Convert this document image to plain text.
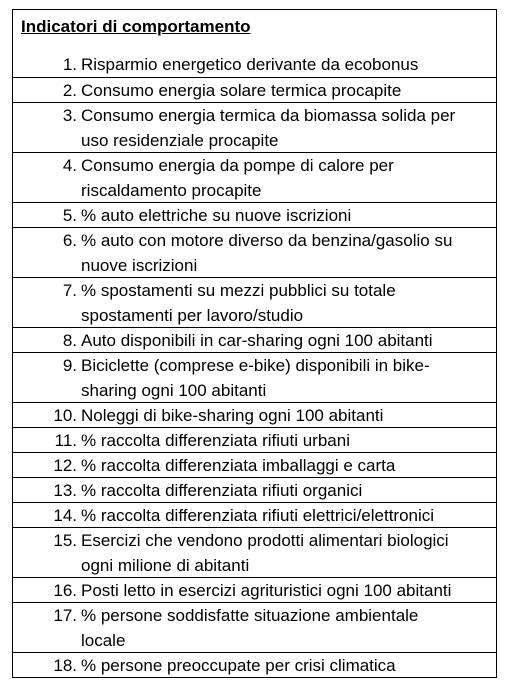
Indicatori di comportamento
1. Risparmio energetico derivante da ecobonus
2. Consumo energia solare termica procapite
3. Consumo energia termica da biomassa solida per
uso residenziale procapite
4. Consumo energia da pompe di calore per
riscaldamento procapite
5. % auto elettriche su nuove iscrizioni
6. % auto con motore diverso da benzina/gasolio su
nuove iscrizioni
7. % spostamenti su mezzi pubblici su totale
spostamenti per lavoro/studio
8. Auto disponibili in car-sharing ogni 100 abitanti
9. Biciclette (comprese e-bike) disponibili in bike-
sharing ogni 100 abitanti
10. Noleggi di bike-sharing ogni 100 abitanti
11. % raccolta differenziata rifiuti urbani
12. % raccolta differenziata imballaggi e carta
13. % raccolta differenziata rifiuti organici
14. % raccolta differenziata rifiuti elettrici/elettronici
15. Esercizi che vendono prodotti alimentari biologici
ogni milione di abitanti
16. Posti letto in esercizi agrituristici ogni 100 abitanti
17. % persone soddisfatte situazione ambientale
locale
18. % persone preoccupate per crisi climatica
